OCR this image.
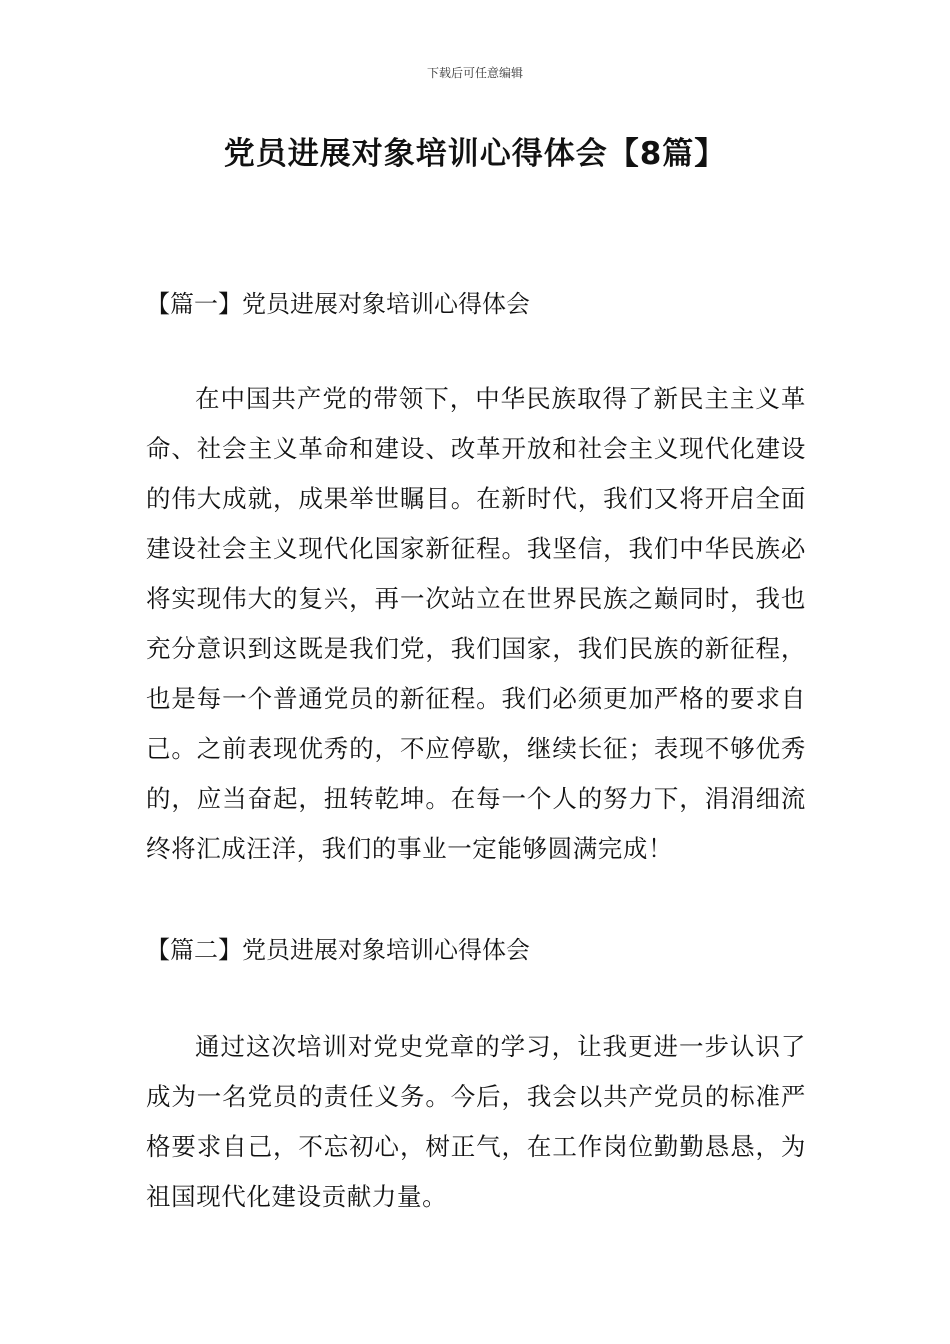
下载后可任意编辑
党员进展对象培训心得体会【8篇】
【篇一】党员进展对象培训心得体会

在中国共产党的带领下，中华民族取得了新民主主义革命、社会主义革命和建设、改革开放和社会主义现代化建设的伟大成就，成果举世瞩目。在新时代，我们又将开启全面建设社会主义现代化国家新征程。我坚信，我们中华民族必将实现伟大的复兴，再一次站立在世界民族之巅同时，我也充分意识到这既是我们党，我们国家，我们民族的新征程，也是每一个普通党员的新征程。我们必须更加严格的要求自己。之前表现优秀的，不应停歇，继续长征；表现不够优秀的，应当奋起，扭转乾坤。在每一个人的努力下，涓涓细流终将汇成汪洋，我们的事业一定能够圆满完成！

【篇二】党员进展对象培训心得体会

通过这次培训对党史党章的学习，让我更进一步认识了成为一名党员的责任义务。今后，我会以共产党员的标准严格要求自己，不忘初心，树正气，在工作岗位勤勤恳恳，为祖国现代化建设贡献力量。
